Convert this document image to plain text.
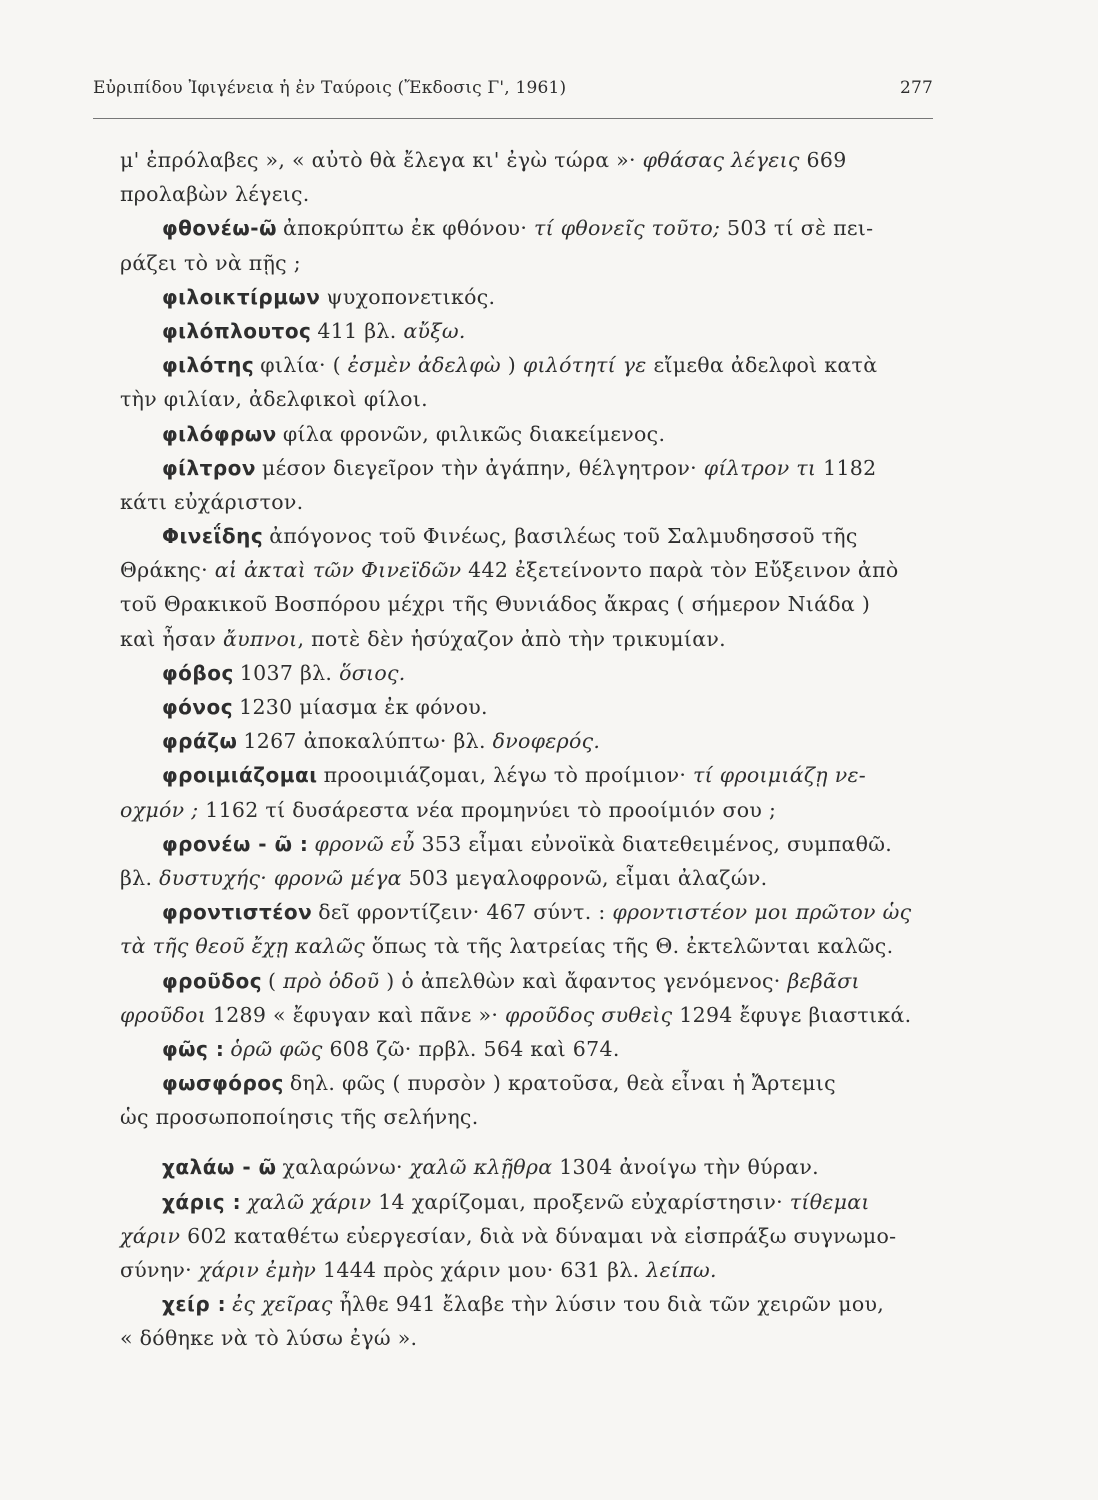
Εὐριπίδου Ἰφιγένεια ἡ ἐν Ταύροις (Ἔκδοσις Γ', 1961)	277
μ' ἐπρόλαβες », « αὐτὸ θὰ ἔλεγα κι' ἐγὼ τώρα »· φθάσας λέγεις 669
προλαβὼν λέγεις.
φθονέω-ῶ ἀποκρύπτω ἐκ φθόνου· τί φθονεῖς τοῦτο; 503 τί σὲ πει-
ράζει τὸ νὰ πῇς ;
φιλοικτίρμων ψυχοπονετικός.
φιλόπλουτος 411 βλ. αὔξω.
φιλότης φιλία· ( ἐσμὲν ἀδελφὼ ) φιλότητί γε εἴμεθα ἀδελφοὶ κατὰ
τὴν φιλίαν, ἀδελφικοὶ φίλοι.
φιλόφρων φίλα φρονῶν, φιλικῶς διακείμενος.
φίλτρον μέσον διεγεῖρον τὴν ἀγάπην, θέλγητρον· φίλτρον τι 1182
κάτι εὐχάριστον.
Φινεΐδης ἀπόγονος τοῦ Φινέως, βασιλέως τοῦ Σαλμυδησσοῦ τῆς
Θράκης· αἱ ἀκταὶ τῶν Φινεϊδῶν 442 ἐξετείνοντο παρὰ τὸν Εὔξεινον ἀπὸ
τοῦ Θρακικοῦ Βοσπόρου μέχρι τῆς Θυνιάδος ἄκρας ( σήμερον Νιάδα )
καὶ ἦσαν ἄυπνοι, ποτὲ δὲν ἡσύχαζον ἀπὸ τὴν τρικυμίαν.
φόβος 1037 βλ. ὅσιος.
φόνος 1230 μίασμα ἐκ φόνου.
φράζω 1267 ἀποκαλύπτω· βλ. δνοφερός.
φροιμιάζομαι προοιμιάζομαι, λέγω τὸ προίμιον· τί φροιμιάζῃ νε-
οχμόν ; 1162 τί δυσάρεστα νέα προμηνύει τὸ προοίμιόν σου ;
φρονέω - ῶ : φρονῶ εὖ 353 εἶμαι εὐνοϊκὰ διατεθειμένος, συμπαθῶ.
βλ. δυστυχής· φρονῶ μέγα 503 μεγαλοφρονῶ, εἶμαι ἀλαζών.
φροντιστέον δεῖ φροντίζειν· 467 σύντ. : φροντιστέον μοι πρῶτον ὡς
τὰ τῆς θεοῦ ἔχῃ καλῶς ὅπως τὰ τῆς λατρείας τῆς Θ. ἐκτελῶνται καλῶς.
φροῦδος ( πρὸ ὁδοῦ ) ὁ ἀπελθὼν καὶ ἄφαντος γενόμενος· βεβᾶσι
φροῦδοι 1289 « ἔφυγαν καὶ πᾶνε »· φροῦδος συθεὶς 1294 ἔφυγε βιαστικά.
φῶς : ὁρῶ φῶς 608 ζῶ· πρβλ. 564 καὶ 674.
φωσφόρος δηλ. φῶς ( πυρσὸν ) κρατοῦσα, θεὰ εἶναι ἡ Ἄρτεμις
ὡς προσωποποίησις τῆς σελήνης.
χαλάω - ῶ χαλαρώνω· χαλῶ κλῇθρα 1304 ἀνοίγω τὴν θύραν.
χάρις : χαλῶ χάριν 14 χαρίζομαι, προξενῶ εὐχαρίστησιν· τίθεμαι
χάριν 602 καταθέτω εὐεργεσίαν, διὰ νὰ δύναμαι νὰ εἰσπράξω συγνωμο-
σύνην· χάριν ἐμὴν 1444 πρὸς χάριν μου· 631 βλ. λείπω.
χείρ : ἐς χεῖρας ἦλθε 941 ἔλαβε τὴν λύσιν του διὰ τῶν χειρῶν μου,
« δόθηκε νὰ τὸ λύσω ἐγώ ».
